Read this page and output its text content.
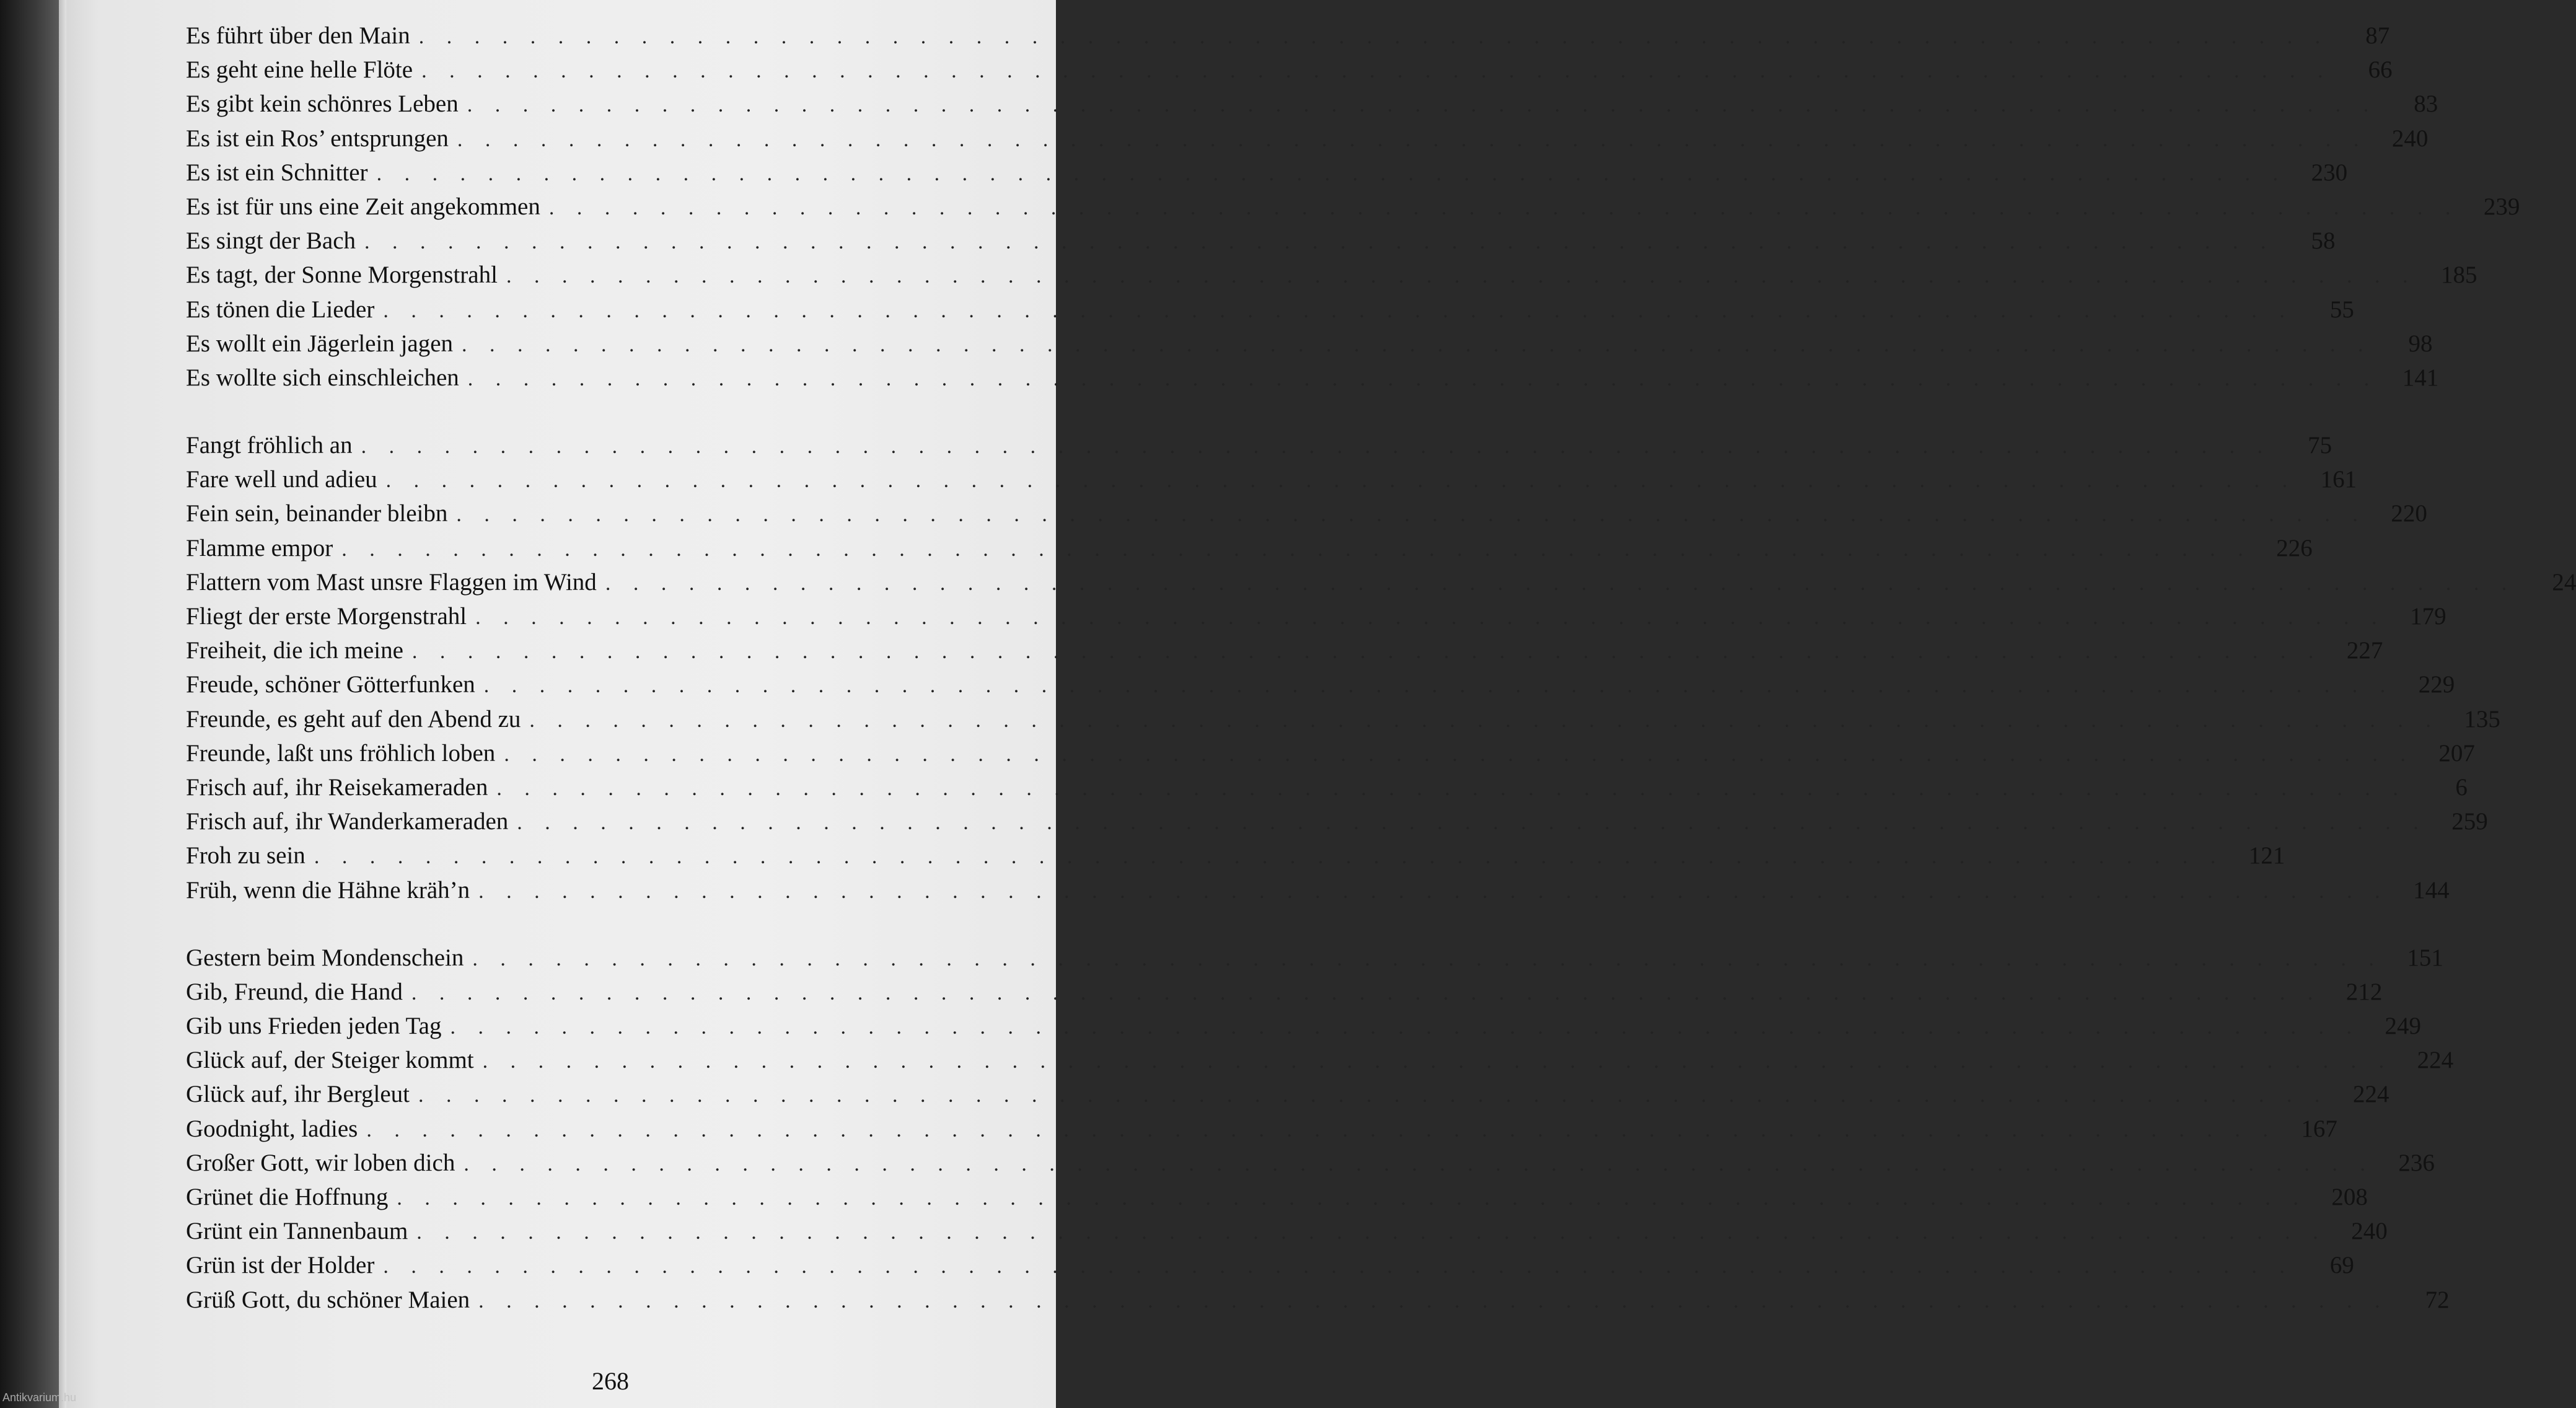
Es führt über den Main . . .	87
Es geht eine helle Flöte . . .	66
Es gibt kein schönres Leben . . .	83
Es ist ein Ros’ entsprungen . . .	240
Es ist ein Schnitter . . .	230
Es ist für uns eine Zeit angekommen . . .	239
Es singt der Bach . . .	58
Es tagt, der Sonne Morgenstrahl . . .	185
Es tönen die Lieder . . .	55
Es wollt ein Jägerlein jagen . . .	98
Es wollte sich einschleichen . . .	141
Fangt fröhlich an . . .	75
Fare well und adieu . . .	161
Fein sein, beinander bleibn . . .	220
Flamme empor . . .	226
Flattern vom Mast unsre Flaggen im Wind . . .	24
Fliegt der erste Morgenstrahl . . .	179
Freiheit, die ich meine . . .	227
Freude, schöner Götterfunken . . .	229
Freunde, es geht auf den Abend zu . . .	135
Freunde, laßt uns fröhlich loben . . .	207
Frisch auf, ihr Reisekameraden . . .	6
Frisch auf, ihr Wanderkameraden . . .	259
Froh zu sein . . .	121
Früh, wenn die Hähne kräh’n . . .	144
Gestern beim Mondenschein . . .	151
Gib, Freund, die Hand . . .	212
Gib uns Frieden jeden Tag . . .	249
Glück auf, der Steiger kommt . . .	224
Glück auf, ihr Bergleut . . .	224
Goodnight, ladies . . .	167
Großer Gott, wir loben dich . . .	236
Grünet die Hoffnung . . .	208
Grünt ein Tannenbaum . . .	240
Grün ist der Holder . . .	69
Grüß Gott, du schöner Maien . . .	72
268
Antikvarium.hu
